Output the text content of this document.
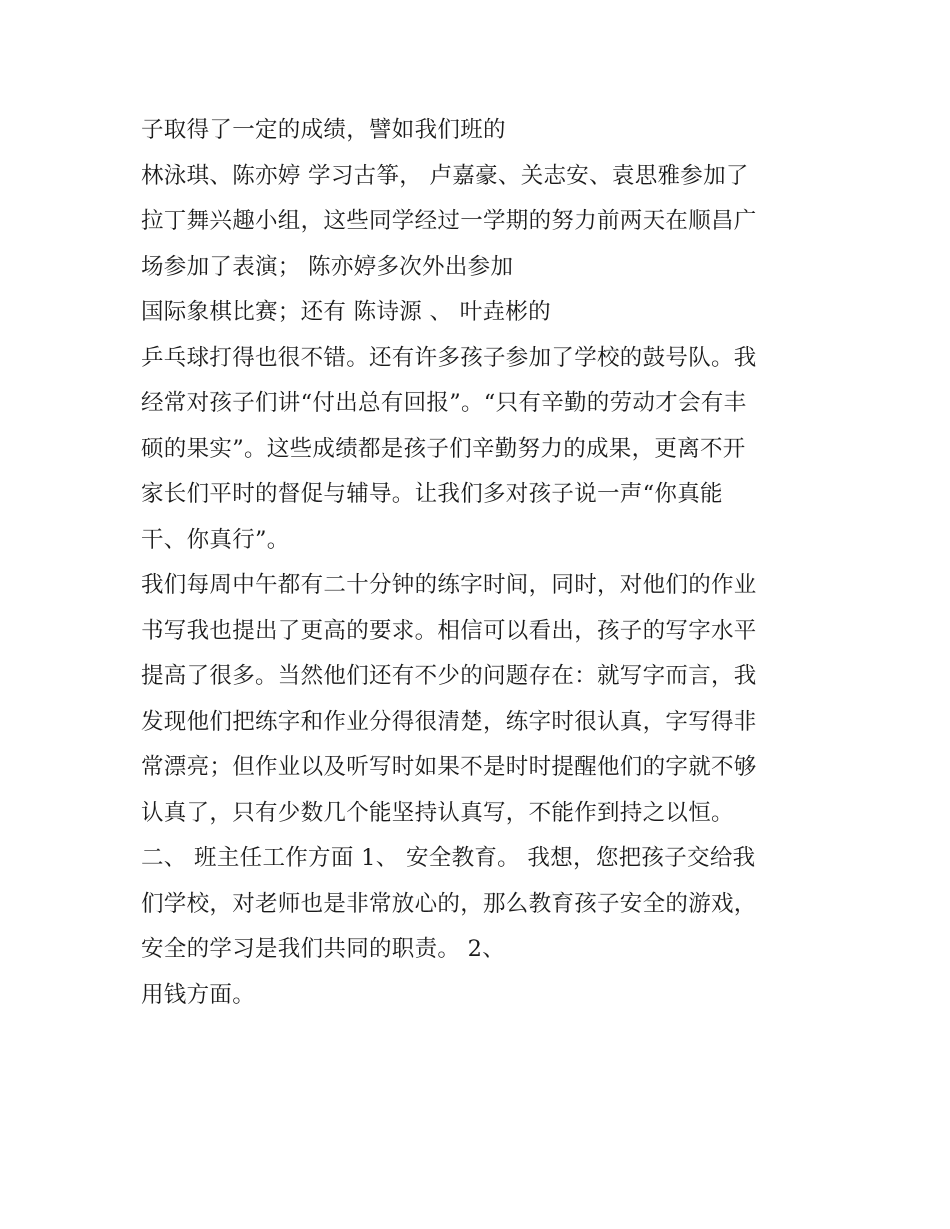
子取得了一定的成绩，譬如我们班的
林泳琪、陈亦婷 学习古筝， 卢嘉豪、关志安、袁思雅参加了
拉丁舞兴趣小组，这些同学经过一学期的努力前两天在顺昌广
场参加了表演； 陈亦婷多次外出参加
国际象棋比赛；还有 陈诗源 、 叶垚彬的
乒乓球打得也很不错。还有许多孩子参加了学校的鼓号队。我
经常对孩子们讲“付出总有回报”。“只有辛勤的劳动才会有丰
硕的果实”。这些成绩都是孩子们辛勤努力的成果，更离不开
家长们平时的督促与辅导。让我们多对孩子说一声“你真能
干、你真行”。
我们每周中午都有二十分钟的练字时间，同时，对他们的作业
书写我也提出了更高的要求。相信可以看出，孩子的写字水平
提高了很多。当然他们还有不少的问题存在：就写字而言，我
发现他们把练字和作业分得很清楚，练字时很认真，字写得非
常漂亮；但作业以及听写时如果不是时时提醒他们的字就不够
认真了，只有少数几个能坚持认真写，不能作到持之以恒。
二、 班主任工作方面 1、 安全教育。 我想，您把孩子交给我
们学校，对老师也是非常放心的，那么教育孩子安全的游戏，
安全的学习是我们共同的职责。 2、
用钱方面。
